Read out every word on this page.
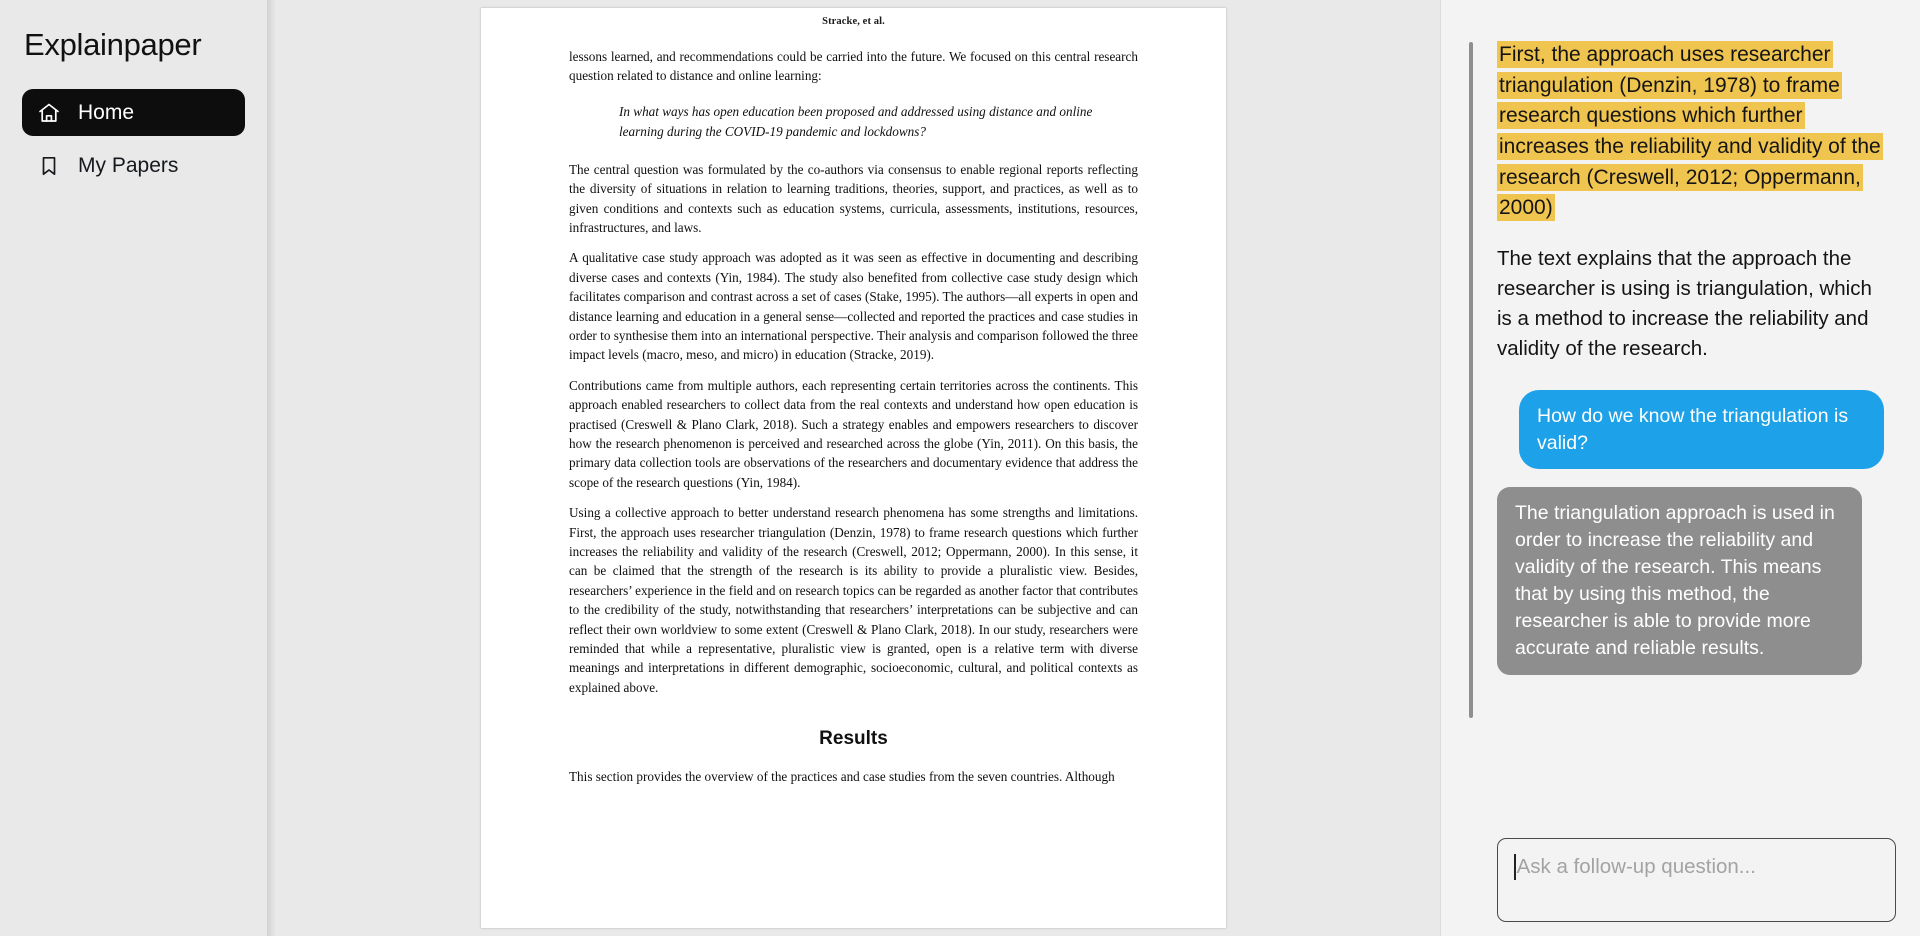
Explainpaper
Home
My Papers
Stracke, et al.

lessons learned, and recommendations could be carried into the future. We focused on this central research question related to distance and online learning:

In what ways has open education been proposed and addressed using distance and online learning during the COVID-19 pandemic and lockdowns?

The central question was formulated by the co-authors via consensus to enable regional reports reflecting the diversity of situations in relation to learning traditions, theories, support, and practices, as well as to given conditions and contexts such as education systems, curricula, assessments, institutions, resources, infrastructures, and laws.

A qualitative case study approach was adopted as it was seen as effective in documenting and describing diverse cases and contexts (Yin, 1984). The study also benefited from collective case study design which facilitates comparison and contrast across a set of cases (Stake, 1995). The authors—all experts in open and distance learning and education in a general sense—collected and reported the practices and case studies in order to synthesise them into an international perspective. Their analysis and comparison followed the three impact levels (macro, meso, and micro) in education (Stracke, 2019).

Contributions came from multiple authors, each representing certain territories across the continents. This approach enabled researchers to collect data from the real contexts and understand how open education is practised (Creswell & Plano Clark, 2018). Such a strategy enables and empowers researchers to discover how the research phenomenon is perceived and researched across the globe (Yin, 2011). On this basis, the primary data collection tools are observations of the researchers and documentary evidence that address the scope of the research questions (Yin, 1984).

Using a collective approach to better understand research phenomena has some strengths and limitations. First, the approach uses researcher triangulation (Denzin, 1978) to frame research questions which further increases the reliability and validity of the research (Creswell, 2012; Oppermann, 2000). In this sense, it can be claimed that the strength of the research is its ability to provide a pluralistic view. Besides, researchers’ experience in the field and on research topics can be regarded as another factor that contributes to the credibility of the study, notwithstanding that researchers’ interpretations can be subjective and can reflect their own worldview to some extent (Creswell & Plano Clark, 2018). In our study, researchers were reminded that while a representative, pluralistic view is granted, open is a relative term with diverse meanings and interpretations in different demographic, socioeconomic, cultural, and political contexts as explained above.

Results

This section provides the overview of the practices and case studies from the seven countries. Although

First, the approach uses researcher triangulation (Denzin, 1978) to frame research questions which further increases the reliability and validity of the research (Creswell, 2012; Oppermann, 2000)
The text explains that the approach the researcher is using is triangulation, which is a method to increase the reliability and validity of the research.
How do we know the triangulation is valid?
The triangulation approach is used in order to increase the reliability and validity of the research. This means that by using this method, the researcher is able to provide more accurate and reliable results.
Ask a follow-up question...
